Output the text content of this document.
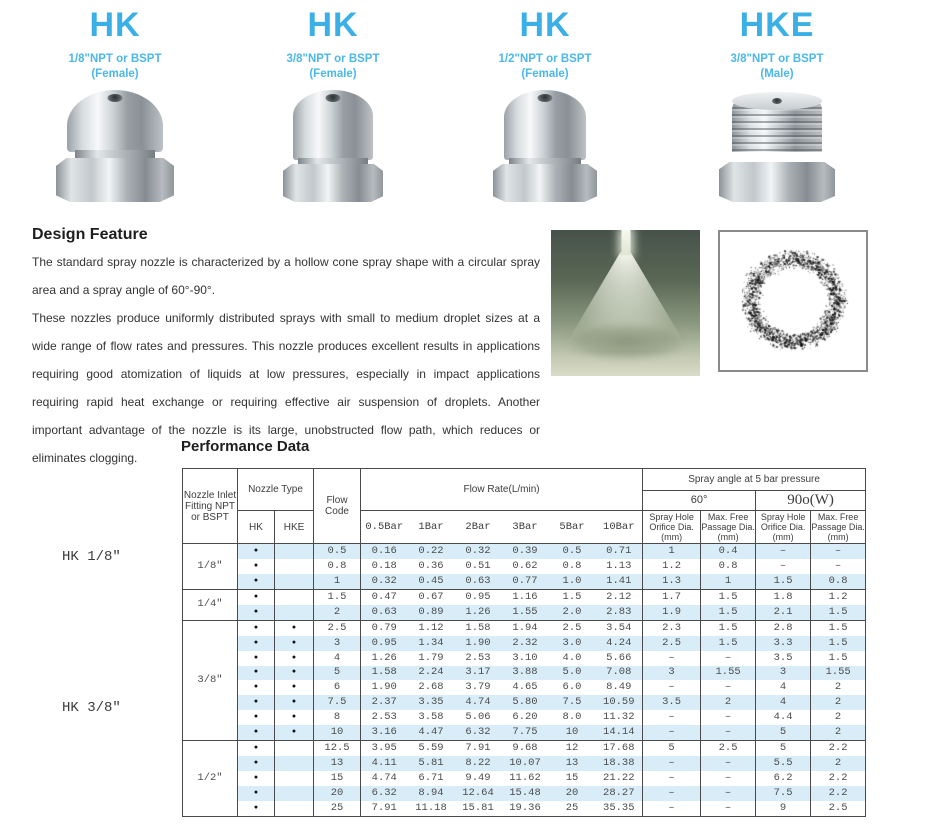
HK
1/8"NPT or BSPT
(Female)
HK
3/8"NPT or BSPT
(Female)
HK
1/2"NPT or BSPT
(Female)
HKE
3/8"NPT or BSPT
(Male)
Design Feature

The standard spray nozzle is characterized by a hollow cone spray shape with a circular spray area and a spray angle of 60°-90°.

These nozzles produce uniformly distributed sprays with small to medium droplet sizes at a wide range of flow rates and pressures. This nozzle produces excellent results in applications requiring good atomization of liquids at low pressures, especially in impact applications requiring rapid heat exchange or requiring effective air suspension of droplets. Another important advantage of the nozzle is its large, unobstructed flow path, which reduces or eliminates clogging.

Performance Data
HK 1/8″
HK 3/8″
Nozzle Inlet Fitting NPT or BSPT	Nozzle Type		Flow Code	Flow Rate(L/min)						Spray angle at 5 bar pressure			
										60°		90o(W)	
	HK	HKE		0.5Bar	1Bar	2Bar	3Bar	5Bar	10Bar	Spray Hole Orifice Dia.(mm)	Max. Free Passage Dia.(mm)	Spray Hole Orifice Dia.(mm)	Max. Free Passage Dia.(mm)
1/8″	●		0.5	0.16	0.22	0.32	0.39	0.5	0.71	1	0.4	–	–
	●		0.8	0.18	0.36	0.51	0.62	0.8	1.13	1.2	0.8	–	–
	●		1	0.32	0.45	0.63	0.77	1.0	1.41	1.3	1	1.5	0.8
1/4″	●		1.5	0.47	0.67	0.95	1.16	1.5	2.12	1.7	1.5	1.8	1.2
	●		2	0.63	0.89	1.26	1.55	2.0	2.83	1.9	1.5	2.1	1.5
3/8″	●	●	2.5	0.79	1.12	1.58	1.94	2.5	3.54	2.3	1.5	2.8	1.5
	●	●	3	0.95	1.34	1.90	2.32	3.0	4.24	2.5	1.5	3.3	1.5
	●	●	4	1.26	1.79	2.53	3.10	4.0	5.66	–	–	3.5	1.5
	●	●	5	1.58	2.24	3.17	3.88	5.0	7.08	3	1.55	3	1.55
	●	●	6	1.90	2.68	3.79	4.65	6.0	8.49	–	–	4	2
	●	●	7.5	2.37	3.35	4.74	5.80	7.5	10.59	3.5	2	4	2
	●	●	8	2.53	3.58	5.06	6.20	8.0	11.32	–	–	4.4	2
	●	●	10	3.16	4.47	6.32	7.75	10	14.14	–	–	5	2
1/2″	●		12.5	3.95	5.59	7.91	9.68	12	17.68	5	2.5	5	2.2
	●		13	4.11	5.81	8.22	10.07	13	18.38	–	–	5.5	2
	●		15	4.74	6.71	9.49	11.62	15	21.22	–	–	6.2	2.2
	●		20	6.32	8.94	12.64	15.48	20	28.27	–	–	7.5	2.2
	●		25	7.91	11.18	15.81	19.36	25	35.35	–	–	9	2.5
